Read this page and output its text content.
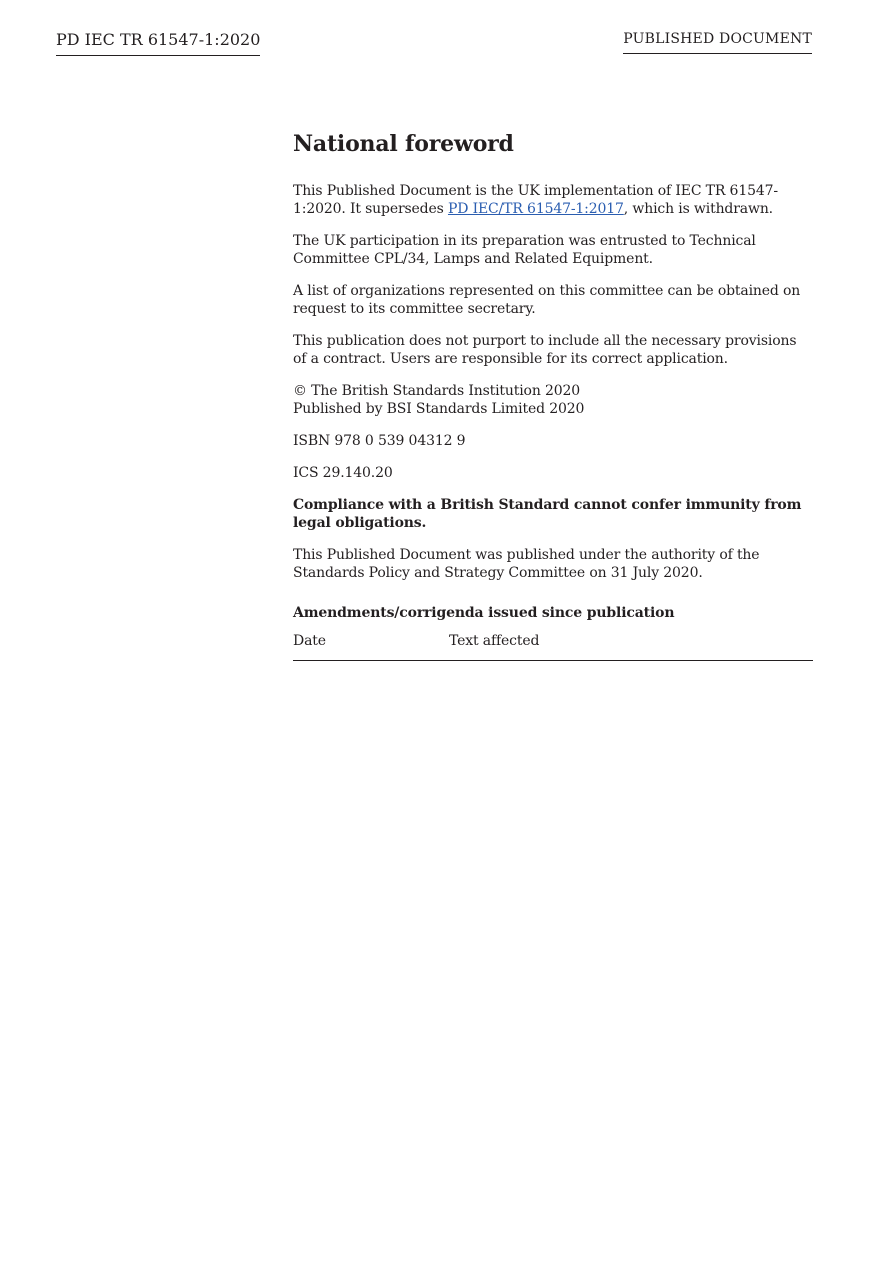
PD IEC TR 61547-1:2020	PUBLISHED DOCUMENT
National foreword

This Published Document is the UK implementation of IEC TR 61547-1:2020. It supersedes PD IEC/TR 61547-1:2017, which is withdrawn.

The UK participation in its preparation was entrusted to Technical Committee CPL/34, Lamps and Related Equipment.

A list of organizations represented on this committee can be obtained on request to its committee secretary.

This publication does not purport to include all the necessary provisions of a contract. Users are responsible for its correct application.

© The British Standards Institution 2020
Published by BSI Standards Limited 2020

ISBN 978 0 539 04312 9

ICS 29.140.20

Compliance with a British Standard cannot confer immunity from legal obligations.

This Published Document was published under the authority of the Standards Policy and Strategy Committee on 31 July 2020.

Amendments/corrigenda issued since publication
Date	Text affected
